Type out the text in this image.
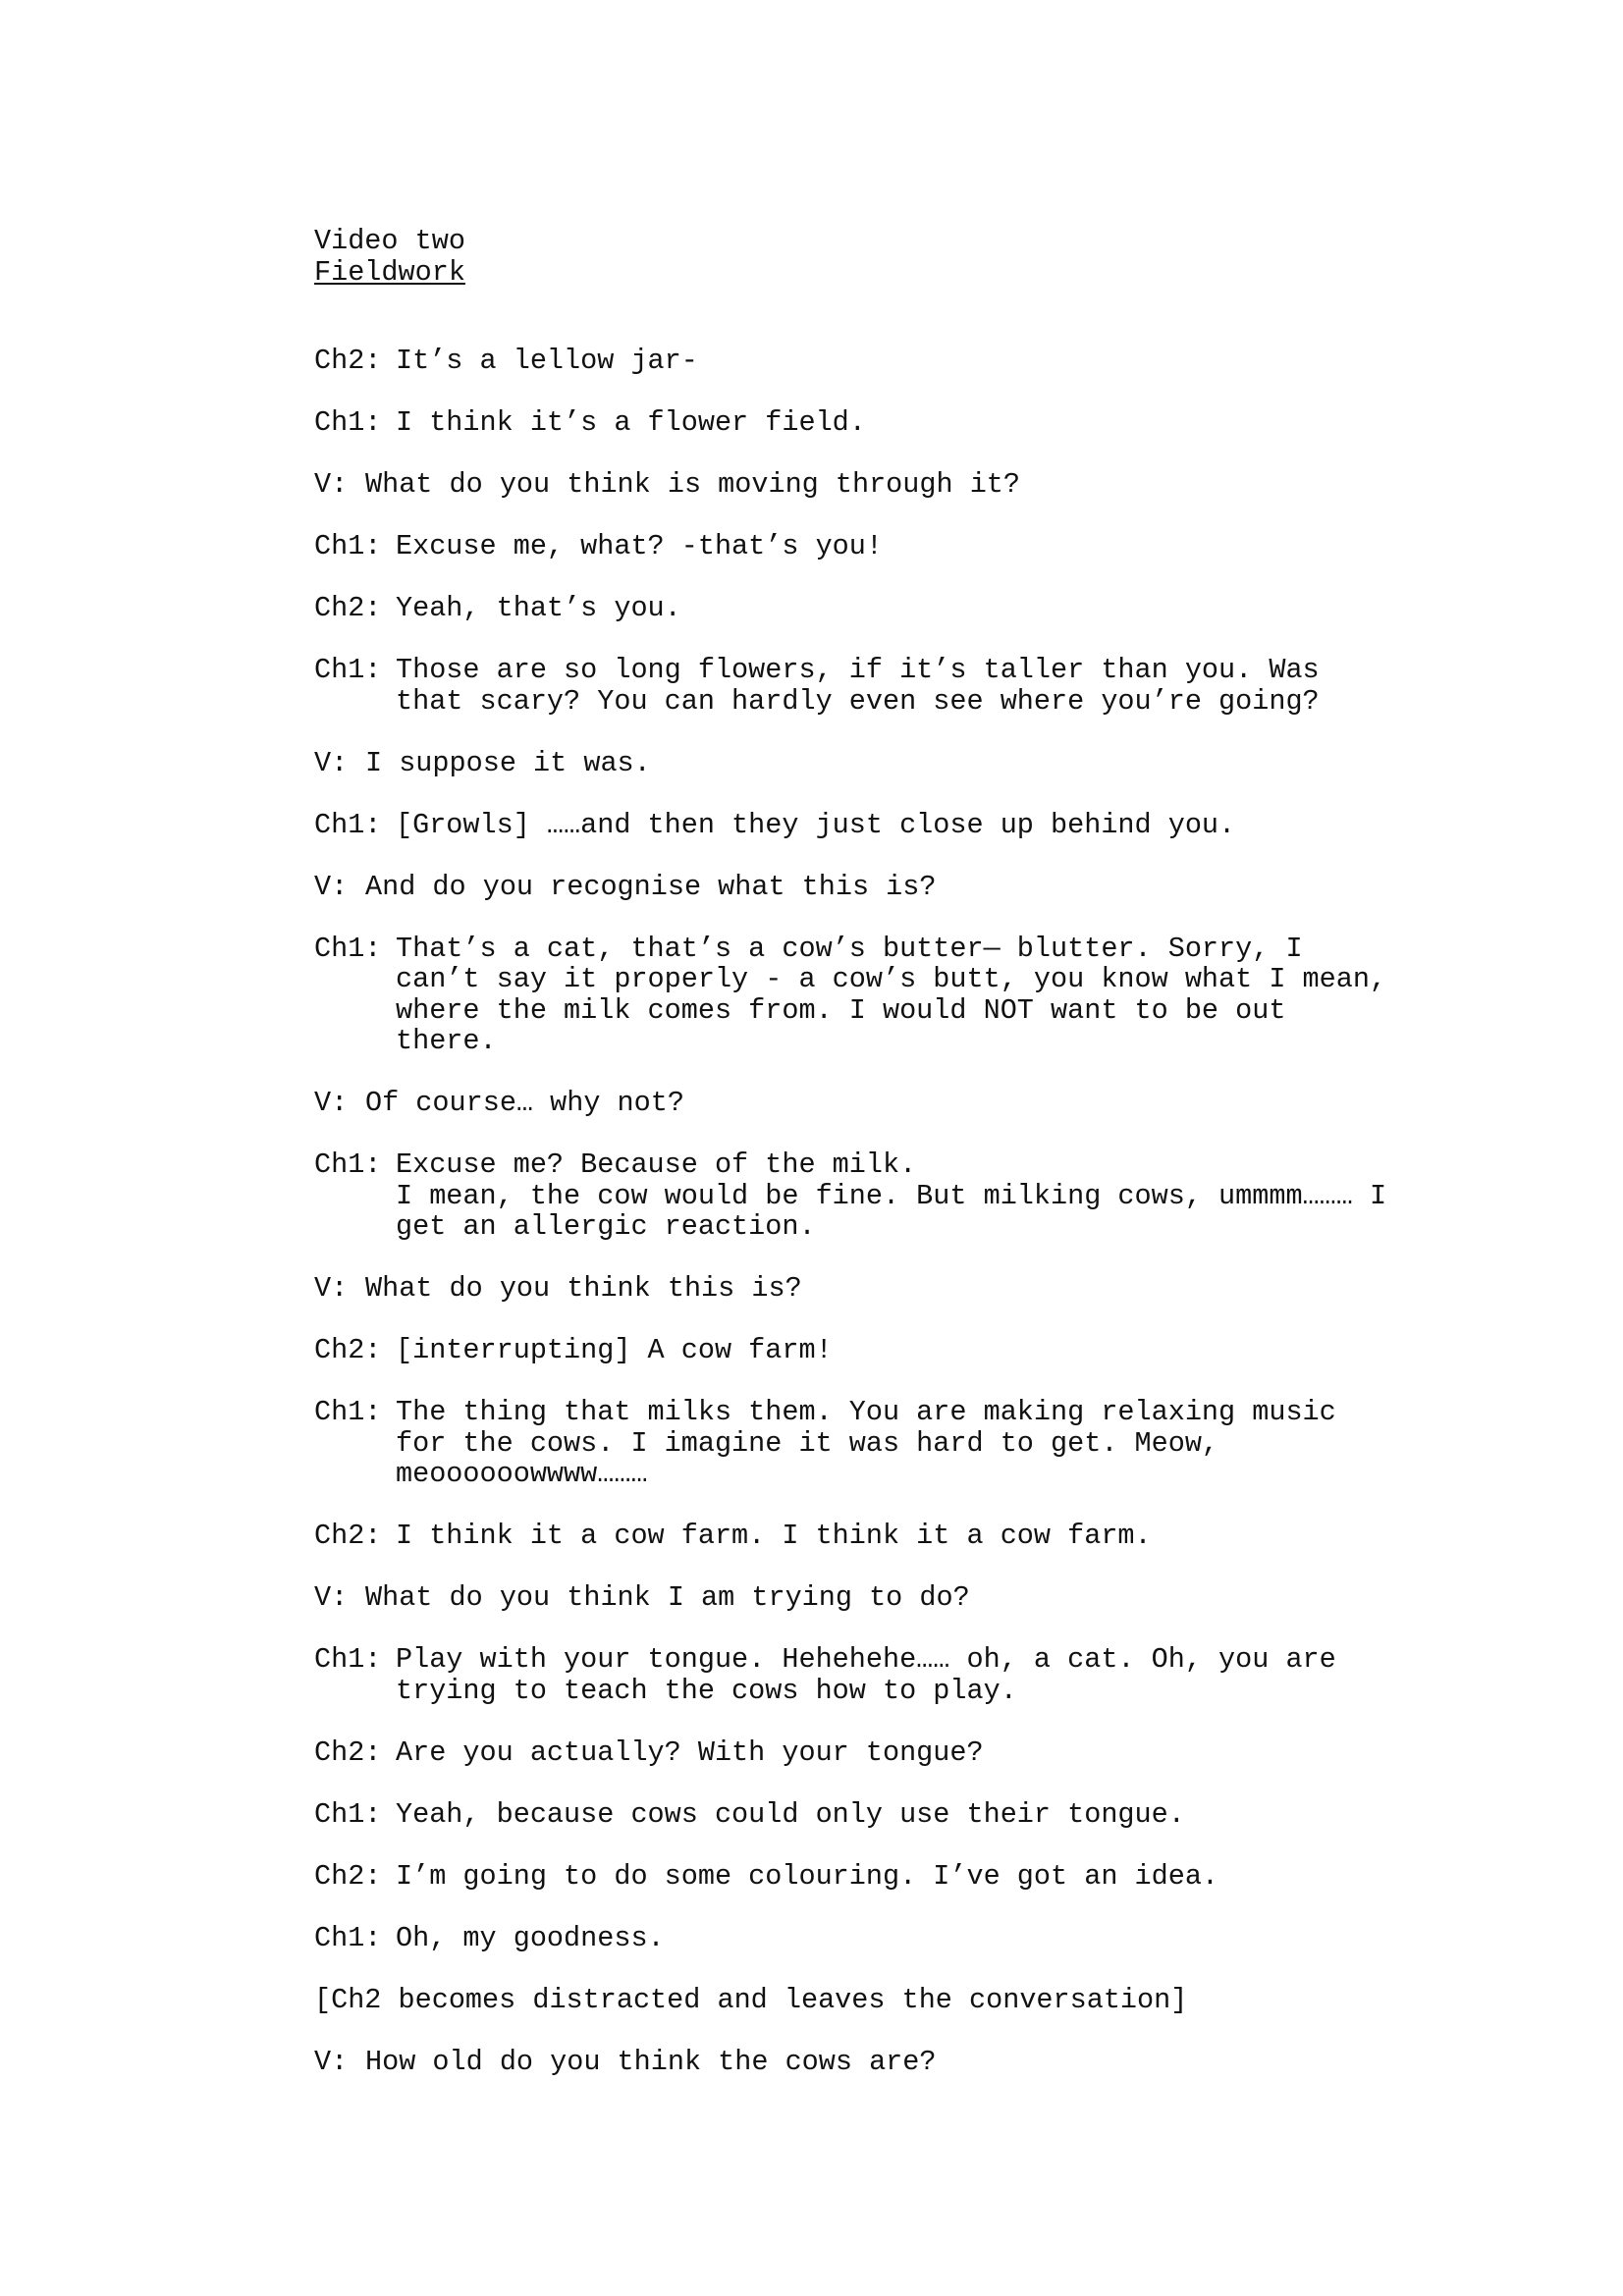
Video two
Fieldwork
Ch2: It’s a lellow jar-
Ch1: I think it’s a flower field.
V: What do you think is moving through it?
Ch1: Excuse me, what? -that’s you!
Ch2: Yeah, that’s you.
Ch1: Those are so long flowers, if it’s taller than you. Was
that scary? You can hardly even see where you’re going?
V: I suppose it was.
Ch1: [Growls] ……and then they just close up behind you.
V: And do you recognise what this is?
Ch1: That’s a cat, that’s a cow’s butter— blutter. Sorry, I
can’t say it properly - a cow’s butt, you know what I mean,
where the milk comes from. I would NOT want to be out
there.
V: Of course… why not?
Ch1: Excuse me? Because of the milk.
I mean, the cow would be fine. But milking cows, ummmm……… I
get an allergic reaction.
V: What do you think this is?
Ch2: [interrupting] A cow farm!
Ch1: The thing that milks them. You are making relaxing music
for the cows. I imagine it was hard to get. Meow,
meoooooowwww………
Ch2: I think it a cow farm. I think it a cow farm.
V: What do you think I am trying to do?
Ch1: Play with your tongue. Hehehehe…… oh, a cat. Oh, you are
trying to teach the cows how to play.
Ch2: Are you actually? With your tongue?
Ch1: Yeah, because cows could only use their tongue.
Ch2: I’m going to do some colouring. I’ve got an idea.
Ch1: Oh, my goodness.
[Ch2 becomes distracted and leaves the conversation]
V: How old do you think the cows are?
